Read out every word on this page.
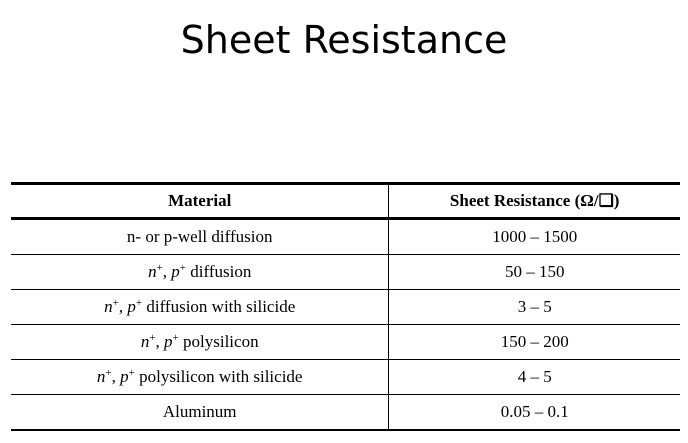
Sheet Resistance
Material	Sheet Resistance (Ω/❑)
n- or p-well diffusion	1000 – 1500
n+, p+ diffusion	50 – 150
n+, p+ diffusion with silicide	3 – 5
n+, p+ polysilicon	150 – 200
n+, p+ polysilicon with silicide	4 – 5
Aluminum	0.05 – 0.1
